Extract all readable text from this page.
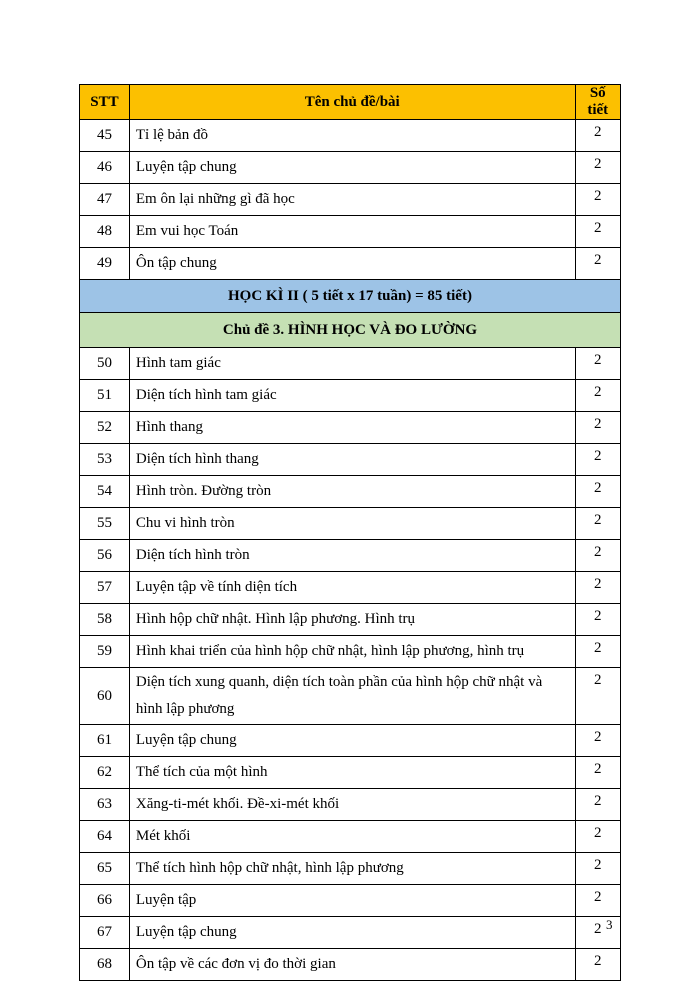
STT	Tên chủ đề/bài	Số tiết
45	Tỉ lệ bản đồ	2
46	Luyện tập chung	2
47	Em ôn lại những gì đã học	2
48	Em vui học Toán	2
49	Ôn tập chung	2
HỌC KÌ II ( 5 tiết x 17 tuần) = 85 tiết)		
Chủ đề 3. HÌNH HỌC VÀ ĐO LƯỜNG		
50	Hình tam giác	2
51	Diện tích hình tam giác	2
52	Hình thang	2
53	Diện tích hình thang	2
54	Hình tròn. Đường tròn	2
55	Chu vi hình tròn	2
56	Diện tích hình tròn	2
57	Luyện tập về tính diện tích	2
58	Hình hộp chữ nhật. Hình lập phương. Hình trụ	2
59	Hình khai triển của hình hộp chữ nhật, hình lập phương, hình trụ	2
60	Diện tích xung quanh, diện tích toàn phần của hình hộp chữ nhật và hình lập phương	2
61	Luyện tập chung	2
62	Thể tích của một hình	2
63	Xăng-ti-mét khối. Đề-xi-mét khối	2
64	Mét khối	2
65	Thể tích hình hộp chữ nhật, hình lập phương	2
66	Luyện tập	2
67	Luyện tập chung	2
68	Ôn tập về các đơn vị đo thời gian	2
3
